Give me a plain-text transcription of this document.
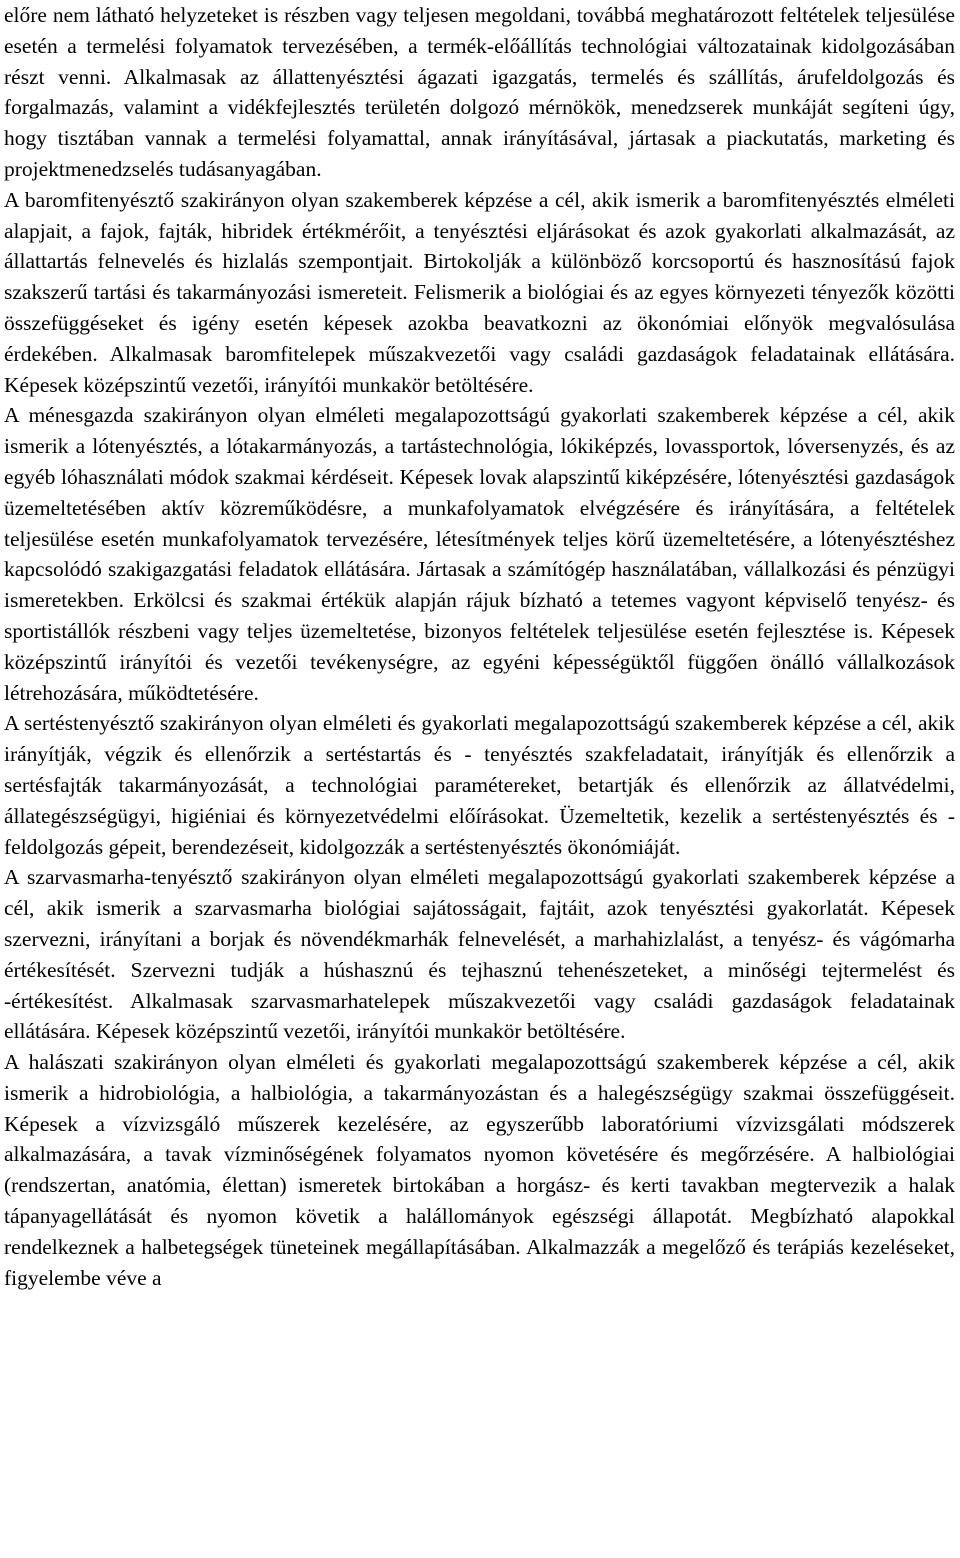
előre nem látható helyzeteket is részben vagy teljesen megoldani, továbbá meghatározott feltételek teljesülése esetén a termelési folyamatok tervezésében, a termék-előállítás technológiai változatainak kidolgozásában részt venni. Alkalmasak az állattenyésztési ágazati igazgatás, termelés és szállítás, árufeldolgozás és forgalmazás, valamint a vidékfejlesztés területén dolgozó mérnökök, menedzserek munkáját segíteni úgy, hogy tisztában vannak a termelési folyamattal, annak irányításával, jártasak a piackutatás, marketing és projektmenedzselés tudásanyagában.

A baromfitenyésztő szakirányon olyan szakemberek képzése a cél, akik ismerik a baromfitenyésztés elméleti alapjait, a fajok, fajták, hibridek értékmérőit, a tenyésztési eljárásokat és azok gyakorlati alkalmazását, az állattartás felnevelés és hizlalás szempontjait. Birtokolják a különböző korcsoportú és hasznosítású fajok szakszerű tartási és takarmányozási ismereteit. Felismerik a biológiai és az egyes környezeti tényezők közötti összefüggéseket és igény esetén képesek azokba beavatkozni az ökonómiai előnyök megvalósulása érdekében. Alkalmasak baromfitelepek műszakvezetői vagy családi gazdaságok feladatainak ellátására. Képesek középszintű vezetői, irányítói munkakör betöltésére.

A ménesgazda szakirányon olyan elméleti megalapozottságú gyakorlati szakemberek képzése a cél, akik ismerik a lótenyésztés, a lótakarmányozás, a tartástechnológia, lókiképzés, lovassportok, lóversenyzés, és az egyéb lóhasználati módok szakmai kérdéseit. Képesek lovak alapszintű kiképzésére, lótenyésztési gazdaságok üzemeltetésében aktív közreműködésre, a munkafolyamatok elvégzésére és irányítására, a feltételek teljesülése esetén munkafolyamatok tervezésére, létesítmények teljes körű üzemeltetésére, a lótenyésztéshez kapcsolódó szakigazgatási feladatok ellátására. Jártasak a számítógép használatában, vállalkozási és pénzügyi ismeretekben. Erkölcsi és szakmai értékük alapján rájuk bízható a tetemes vagyont képviselő tenyész- és sportistállók részbeni vagy teljes üzemeltetése, bizonyos feltételek teljesülése esetén fejlesztése is. Képesek középszintű irányítói és vezetői tevékenységre, az egyéni képességüktől függően önálló vállalkozások létrehozására, működtetésére.

A sertéstenyésztő szakirányon olyan elméleti és gyakorlati megalapozottságú szakemberek képzése a cél, akik irányítják, végzik és ellenőrzik a sertéstartás és - tenyésztés szakfeladatait, irányítják és ellenőrzik a sertésfajták takarmányozását, a technológiai paramétereket, betartják és ellenőrzik az állatvédelmi, állategészségügyi, higiéniai és környezetvédelmi előírásokat. Üzemeltetik, kezelik a sertéstenyésztés és - feldolgozás gépeit, berendezéseit, kidolgozzák a sertéstenyésztés ökonómiáját.

A szarvasmarha-tenyésztő szakirányon olyan elméleti megalapozottságú gyakorlati szakemberek képzése a cél, akik ismerik a szarvasmarha biológiai sajátosságait, fajtáit, azok tenyésztési gyakorlatát. Képesek szervezni, irányítani a borjak és növendékmarhák felnevelését, a marhahizlalást, a tenyész- és vágómarha értékesítését. Szervezni tudják a húshasznú és tejhasznú tehenészeteket, a minőségi tejtermelést és -értékesítést. Alkalmasak szarvasmarhatelepek műszakvezetői vagy családi gazdaságok feladatainak ellátására. Képesek középszintű vezetői, irányítói munkakör betöltésére.

A halászati szakirányon olyan elméleti és gyakorlati megalapozottságú szakemberek képzése a cél, akik ismerik a hidrobiológia, a halbiológia, a takarmányozástan és a halegészségügy szakmai összefüggéseit. Képesek a vízvizsgáló műszerek kezelésére, az egyszerűbb laboratóriumi vízvizsgálati módszerek alkalmazására, a tavak vízminőségének folyamatos nyomon követésére és megőrzésére. A halbiológiai (rendszertan, anatómia, élettan) ismeretek birtokában a horgász- és kerti tavakban megtervezik a halak tápanyagellátását és nyomon követik a halállományok egészségi állapotát. Megbízható alapokkal rendelkeznek a halbetegségek tüneteinek megállapításában. Alkalmazzák a megelőző és terápiás kezeléseket, figyelembe véve a
